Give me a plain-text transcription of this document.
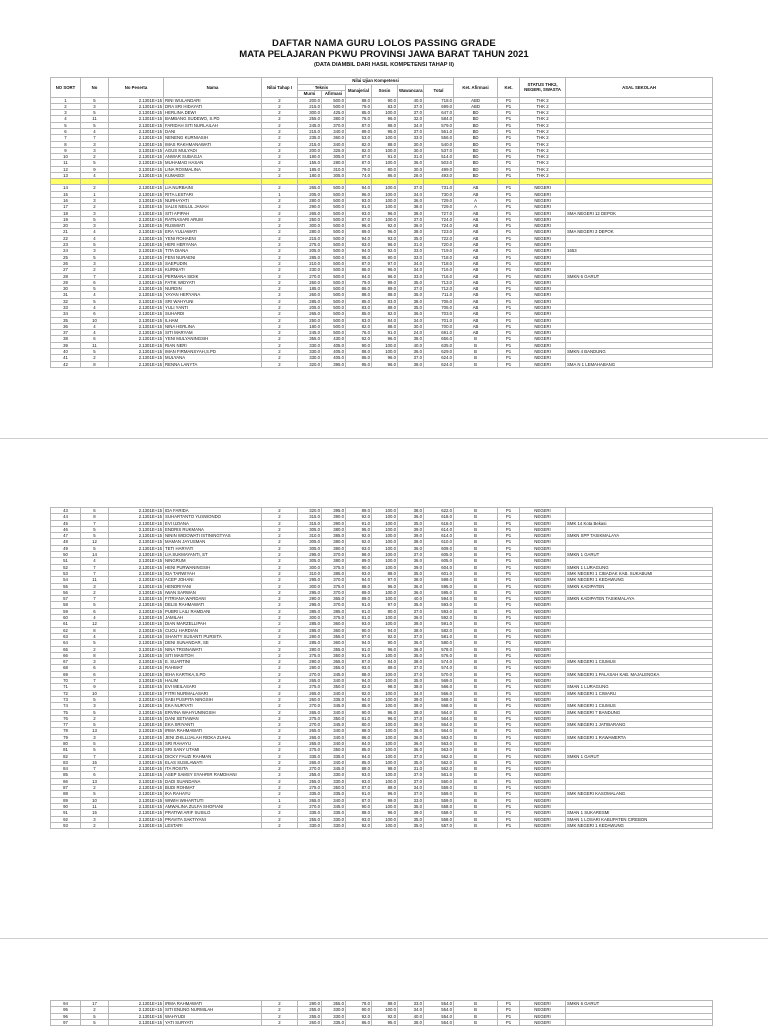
DAFTAR NAMA GURU LOLOS PASSING GRADE
MATA PELAJARAN PKWU PROVINSI JAWA BARAT TAHUN 2021
(DATA DIAMBIL DARI HASIL KOMPETENSI TAHAP II)
NO SORT	No	No Peserta	Nama	Nilai Tahap I	Nilai Ujian Kompetensi						Ket. Afirmasi	Ket.	STATUS THK2, NEGERI, SWASTA	ASAL SEKOLAH
					Teknis		Manajerial	Sosio	Wawancara	Total				
					Murni	Afirmasi								
1	5	2.1301E+15	RINI WULANDARI	2	200.0	500.0	88.0	90.0	40.0	718.0	ABD	P1	THK 2	
2	3	2.1301E+15	DRA SRI HIDAYATI	2	215.0	500.0	79.0	83.0	37.0	699.0	ABD	P1	THK 2	
3	5	2.1301E+15	HERLINA DEWI	2	300.0	425.0	85.0	100.0	37.0	647.0	BD	P1	THK 2	
4	11	2.1301E+15	BAMBANG SUDEWO, S.PD	2	255.0	380.0	76.0	96.0	32.0	584.0	BD	P1	THK 2	
5	5	2.1301E+15	FARIDAH SITI NURLAILAH	2	245.0	370.0	87.0	88.0	34.0	579.0	BD	P1	THK 2	
6	4	2.1301E+15	DANI	2	215.0	340.0	89.0	95.0	37.0	561.0	BD	P1	THK 2	
7	7	2.1301E+15	NENENG KURNIASIH	2	235.0	360.0	53.0	100.0	33.0	556.0	BD	P1	THK 2	
8	3	2.1301E+15	IMAS RAKHMANAWATI	2	215.0	340.0	82.0	88.0	30.0	540.0	BD	P1	THK 2	
9	3	2.1301E+15	AGUS MULYADI	2	200.0	325.0	82.0	100.0	30.0	537.0	BD	P1	THK 2	
10	2	2.1301E+15	ANWAR SUBAGJA	2	180.0	305.0	87.0	91.0	31.0	514.0	BD	P1	THK 2	
11	5	2.1301E+15	MUHAMAD HASAN	2	155.0	280.0	87.0	100.0	36.0	503.0	BD	P1	THK 2	
12	9	2.1301E+15	LINA ROSMALINA	2	185.0	310.0	79.0	80.0	30.0	499.0	BD	P1	THK 2	
13	4	2.1301E+15	KUMAEDI	2	180.0	305.0	74.0	86.0	28.0	493.0	BD	P1	THK 2	

14	2	2.1301E+15	LIA NURBAINI	2	265.0	500.0	94.0	100.0	37.0	731.0	AB	P1	NEGERI	
15	1	2.1301E+15	RITA LESTARI	1	205.0	500.0	96.0	100.0	34.0	730.0	AB	P1	NEGERI	
16	3	2.1301E+15	NURHAYATI	2	280.0	500.0	93.0	100.0	36.0	729.0	A	P1	NEGERI	
17	2	2.1301E+15	SALIS NEILUL JANAH	2	290.0	500.0	91.0	100.0	38.0	729.0	A	P1	NEGERI	
18	3	2.1301E+15	SITI APIPAH	2	265.0	500.0	93.0	96.0	38.0	727.0	AB	P1	NEGERI	SMA NEGERI 12 DEPOK
19	5	2.1301E+15	RATNASARI ARUM	2	250.0	500.0	87.0	100.0	37.0	724.0	AB	P1	NEGERI	
20	3	2.1301E+15	RUSMIATI	2	300.0	500.0	96.0	92.0	36.0	724.0	AB	P1	NEGERI	
21	4	2.1301E+15	ERA YULIAWATI	2	280.0	500.0	89.0	96.0	38.0	723.0	AB	P1	NEGERI	SMA NEGERI 3 DEPOK
22	4	2.1301E+15	YENI ROHAENI	2	215.0	500.0	94.0	93.0	35.0	722.0	AB	P1	NEGERI	
23	5	2.1301E+15	HERI HERYANA	2	275.0	500.0	93.0	96.0	31.0	720.0	AB	P1	NEGERI	
24	3	2.1301E+15	TITA DIANA	2	205.0	500.0	94.0	92.0	33.0	719.0	AB	P1	NEGERI	1653
25	5	2.1301E+15	FENI NURAENI	2	285.0	500.0	95.0	90.0	33.0	718.0	AB	P1	NEGERI	
26	3	2.1301E+15	SAEPUDIN	2	210.0	500.0	87.0	97.0	34.0	718.0	AB	P1	NEGERI	
27	2	2.1301E+15	KURNIATI	2	230.0	500.0	86.0	96.0	34.0	716.0	AB	P1	NEGERI	
28	7	2.1301E+15	PERMANA SIDIK	2	270.0	500.0	84.0	96.0	33.0	716.0	AB	P1	NEGERI	SMKN 6 GARUT
29	6	2.1301E+15	FATIK WIDYATI	2	260.0	500.0	79.0	99.0	35.0	713.0	AB	P1	NEGERI	
30	5	2.1301E+15	NURDIN	2	185.0	500.0	86.0	89.0	37.0	712.0	AB	P1	NEGERI	
31	4	2.1301E+15	YAYAN HERYANA	2	260.0	500.0	88.0	88.0	35.0	711.0	AB	P1	NEGERI	
32	5	2.1301E+15	SRI WAHYUNI	2	285.0	500.0	85.0	83.0	38.0	706.0	AB	P1	NEGERI	
33	4	2.1301E+15	YULI YANTI	2	205.0	500.0	83.0	88.0	35.0	706.0	AB	P1	NEGERI	
34	6	2.1301E+15	SUHARDI	2	265.0	500.0	85.0	82.0	36.0	703.0	AB	P1	NEGERI	
35	10	2.1301E+15	ILHAM	2	250.0	500.0	83.0	84.0	34.0	701.0	AB	P1	NEGERI	
36	4	2.1301E+15	NINA HERLINA	2	180.0	500.0	82.0	88.0	30.0	700.0	AB	P1	NEGERI	
37	4	2.1301E+15	SITI MARYAM	2	245.0	500.0	76.0	91.0	24.0	691.0	AB	P1	NEGERI	
38	6	2.1301E+15	YENI MULYANINGSIH	2	355.0	430.0	92.0	96.0	38.0	656.0	B	P1	NEGERI	
39	11	2.1301E+15	RIAN NERI	2	330.0	405.0	90.0	100.0	40.0	635.0	B	P1	NEGERI	
40	5	2.1301E+15	IMAN FIRMANSYAH,S.PD	2	330.0	405.0	88.0	100.0	36.0	629.0	B	P1	NEGERI	SMKN 4 BANDUNG
41	2	2.1301E+15	MULYANA	2	330.0	405.0	86.0	96.0	37.0	624.0	B	P1	NEGERI	
42	8	2.1301E+15	RENNA LANYTA	2	320.0	395.0	95.0	96.0	38.0	624.0	B	P1	NEGERI	SMA N 1 LEMAHABANG
43	6	2.1301E+15	IDA FARIDA	2	320.0	395.0	89.0	100.0	38.0	622.0	B	P1	NEGERI	
44	8	2.1301E+15	SUHARTANTO YUSWONDO	2	315.0	390.0	92.0	100.0	36.0	618.0	B	P1	NEGERI	
45	7	2.1301E+15	EVI UZIANA	2	315.0	390.0	91.0	100.0	35.0	616.0	B	P1	NEGERI	SMK 14 Kota Bekasi
46	5	2.1301E+15	ENDRIS RUKMANA	2	305.0	380.0	95.0	100.0	39.0	614.0	B	P1	NEGERI	
47	5	2.1301E+15	NININ WIDOWATI ISTININGTYAS	2	310.0	385.0	92.0	100.0	39.0	614.0	B	P1	NEGERI	SMKN SPP TASIKMALAYA
48	12	2.1301E+15	MAMAN JAYUSMAN	2	305.0	380.0	92.0	100.0	38.0	610.0	B	P1	NEGERI	
49	5	2.1301E+15	TETI HARYATI	2	305.0	380.0	93.0	100.0	36.0	609.0	B	P1	NEGERI	
50	14	2.1301E+15	LIA SUKMAYANTI, ST	2	295.0	370.0	98.0	100.0	37.0	605.0	B	P1	NEGERI	SMKN 1 GARUT
51	4	2.1301E+15	NINGRUM	2	305.0	380.0	89.0	100.0	36.0	605.0	B	P1	NEGERI	
52	7	2.1301E+15	HENI PURWANINGSIH	2	300.0	375.0	90.0	100.0	39.0	604.0	B	P1	NEGERI	SMKN 1 LURAGUNG
53	7	2.1301E+15	IDA TARWIYAH	2	310.0	385.0	93.0	88.0	35.0	601.0	B	P1	NEGERI	SMK NEGERI 1 CIBADAK KAB. SUKABUMI
54	11	2.1301E+15	ACEP JOHANI	2	295.0	370.0	94.0	97.0	38.0	599.0	B	P1	NEGERI	SMK NEGERI 1 KEDAWUNG
55	3	2.1301E+15	HENDRIYANI	2	300.0	375.0	88.0	96.0	36.0	595.0	B	P1	NEGERI	SMKN KADIPATEN
56	2	2.1301E+15	IWAN SARWAN	2	295.0	370.0	89.0	100.0	36.0	595.0	B	P1	NEGERI	
57	7	2.1301E+15	FITRIANA WARDANI	2	290.0	365.0	89.0	100.0	40.0	594.0	B	P1	NEGERI	SMKN KADIPATEN TASIKMALAYA
58	5	2.1301E+15	DELIS RAHMAWATI	2	295.0	370.0	91.0	97.0	35.0	593.0	B	P1	NEGERI	
59	6	2.1301E+15	PUBRI LAILI RAMDANI	2	385.0	385.0	91.0	80.0	37.0	593.0	B	P1	NEGERI	
60	4	2.1301E+15	JAMILAH	2	300.0	375.0	81.0	100.0	36.0	592.0	B	P1	NEGERI	
61	12	2.1301E+15	DIAN MARZELLIPAH	2	285.0	360.0	93.0	100.0	38.0	591.0	B	P1	NEGERI	
62	8	2.1301E+15	CUCU HARDIAN	2	285.0	360.0	90.0	94.0	38.0	582.0	B	P1	NEGERI	
63	4	2.1301E+15	SHANTY SUSANTI PURSITA	2	280.0	355.0	97.0	92.0	37.0	581.0	B	P1	NEGERI	
64	5	2.1301E+15	DENI SUNANDAR, SE	2	285.0	360.0	94.0	90.0	36.0	580.0	B	P1	NEGERI	
65	2	2.1301E+15	NINA TRISNAWATI	2	280.0	355.0	91.0	96.0	36.0	578.0	B	P1	NEGERI	
66	8	2.1301E+15	SITI MASITOH	2	275.0	350.0	91.0	100.0	35.0	576.0	B	P1	NEGERI	
67	3	2.1301E+15	E. SUARTINI	2	290.0	365.0	87.0	84.0	38.0	574.0	B	P1	NEGERI	SMK NEGERI 1 CIUMUS
68	6	2.1301E+15	RAHMAT	2	280.0	355.0	93.0	89.0	37.0	574.0	B	P1	NEGERI	
69	6	2.1301E+15	IEHA KARTIKA,S.PD	2	270.0	345.0	88.0	100.0	37.0	570.0	B	P1	NEGERI	SMK NEGERI 1 PALASAH KAB. MAJALENGKA
70	7	2.1301E+15	HALIM	2	265.0	340.0	94.0	100.0	35.0	569.0	B	P1	NEGERI	
71	9	2.1301E+15	EVI MEILASARI	2	275.0	350.0	82.0	98.0	38.0	566.0	B	P1	NEGERI	SMAN 1 LURAGUNG
72	10	2.1301E+15	FITRI NURMALASARI	2	265.0	340.0	92.0	100.0	34.0	566.0	B	P1	NEGERI	SMK NEGERI 1 CIWARU
73	5	2.1301E+15	SABI PUSPITA NINGSIH	2	260.0	335.0	94.0	100.0	39.0	568.0	B	P1	NEGERI	
74	3	2.1301E+15	EKA NURYATI	2	270.0	345.0	85.0	100.0	39.0	568.0	B	P1	NEGERI	SMK NEGERI 1 CIUMUS
75	5	2.1301E+15	ERVINA WAHYUNINGSIH	2	265.0	340.0	90.0	96.0	38.0	564.0	B	P1	NEGERI	SMK NEGERI 7 BANDUNG
76	2	2.1301E+15	DANI SETIAWAN	2	275.0	350.0	81.0	96.0	37.0	564.0	B	P1	NEGERI	
77	5	2.1301E+15	EKA SRIYANTI	2	270.0	345.0	80.0	100.0	39.0	564.0	B	P1	NEGERI	SMK NEGERI 1 JATIBARANG
78	13	2.1301E+15	IRMA RAHMAWATI	2	265.0	340.0	88.0	100.0	36.0	564.0	B	P1	NEGERI	
79	3	2.1301E+15	JENI ZHILLIJALAH RIDKA ZUHAL	2	265.0	340.0	86.0	100.0	36.0	563.0	B	P1	NEGERI	SMK NEGERI 1 RAWAMERTA
80	5	2.1301E+15	SRI RAHAYU	2	265.0	340.0	84.0	100.0	36.0	563.0	B	P1	NEGERI	
81	5	2.1301E+15	SRI SANY UTAMI	2	275.0	350.0	85.0	100.0	36.0	563.0	B	P1	NEGERI	
82	7	2.1301E+15	DICKY FAUZI RAHMAN	2	335.0	335.0	94.0	100.0	37.0	562.0	B	P1	NEGERI	SMKN 1 GARUT
83	15	2.1301E+15	ELAS SUSILAWATI	2	265.0	340.0	85.0	100.0	35.0	562.0	B	P1	NEGERI	
84	7	2.1301E+15	ITA ROSITA	2	270.0	345.0	88.0	98.0	31.0	562.0	B	P1	NEGERI	
85	6	2.1301E+15	ASEP SAMSY SYAHRIR RAMDHANI	2	255.0	330.0	93.0	100.0	37.0	561.0	B	P1	NEGERI	
86	13	2.1301E+15	DADI SUANDANA	2	255.0	330.0	93.0	100.0	37.0	560.0	B	P1	NEGERI	
87	2	2.1301E+15	BUDI ROHMAT	2	275.0	350.0	87.0	88.0	34.0	559.0	B	P1	NEGERI	
88	5	2.1301E+15	IKA RAHAYU	2	335.0	335.0	91.0	96.0	37.0	559.0	B	P1	NEGERI	SMK NEGERI KASOMALANG
89	10	2.1301E+15	WIWIH WIHARTUTI	1	265.0	340.0	87.0	99.0	33.0	559.0	B	P1	NEGERI	
90	11	2.1301E+15	AMWALINA ZULFA SHOFIANI	2	270.0	345.0	90.0	100.0	35.0	558.0	B	P1	NEGERI	
91	15	2.1301E+15	PRATIWI ARIF SUSILO	2	335.0	335.0	88.0	96.0	39.0	558.0	B	P1	NEGERI	SMAN 1 SUKARESMI
92	3	2.1301E+15	PRAVITA SAKTIYANI	2	255.0	330.0	93.0	100.0	35.0	558.0	B	P1	NEGERI	SMAN 1 LOSARI KABUPATEN CIREBON
93	2	2.1301E+15	LESTARI	2	330.0	330.0	92.0	100.0	35.0	557.0	B	P1	NEGERI	SMK NEGERI 1 KEDAWUNG
94	17	2.1301E+15	IRMA RAHMAWATI	2	280.0	355.0	78.0	88.0	33.0	554.0	B	P1	NEGERI	SMKN 6 GARUT
95	2	2.1301E+15	SITI ENUNG NURMILAH	2	255.0	330.0	90.0	100.0	34.0	554.0	B	P1	NEGERI	
96	5	2.1301E+15	WAHYUDI	2	255.0	330.0	92.0	92.0	40.0	554.0	B	P1	NEGERI	
97	5	2.1301E+15	YATI SURYATI	2	260.0	335.0	86.0	95.0	38.0	554.0	B	P1	NEGERI	
